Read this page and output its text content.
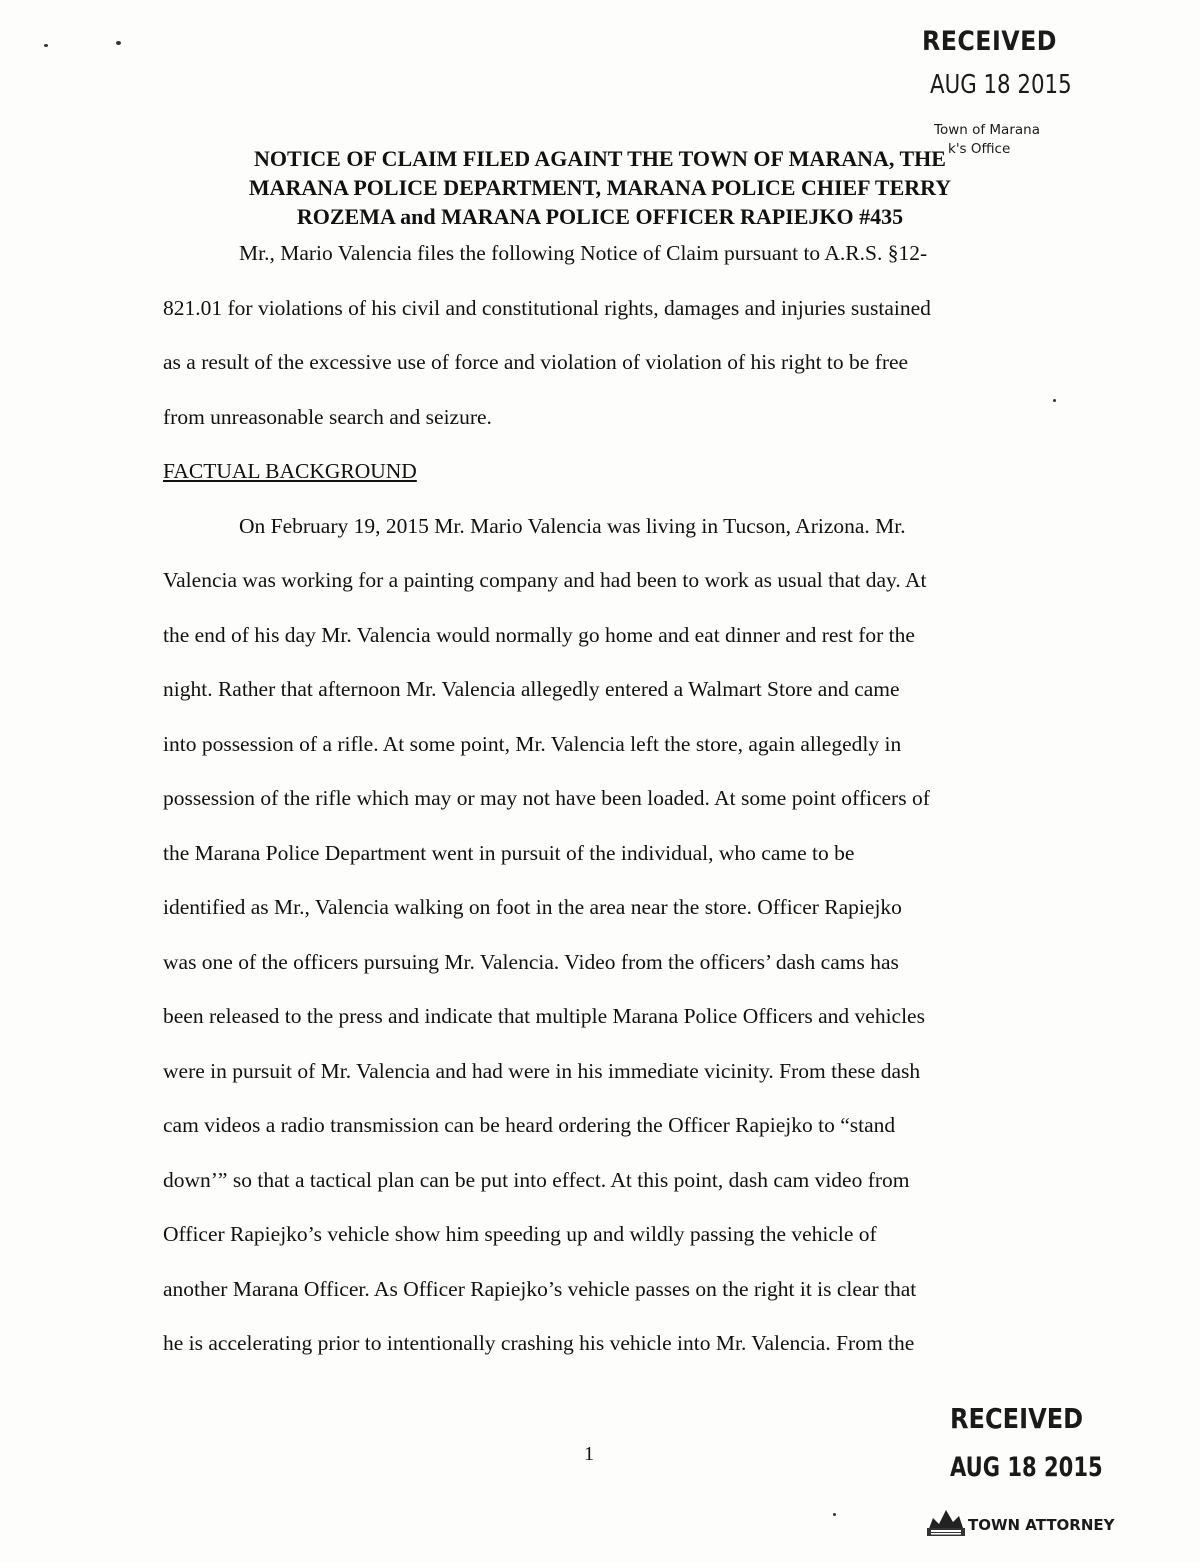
RECEIVED
AUG 18 2015
Town of Marana
k's Office
NOTICE OF CLAIM FILED AGAINT THE TOWN OF MARANA, THE
MARANA POLICE DEPARTMENT, MARANA POLICE CHIEF TERRY
ROZEMA and MARANA POLICE OFFICER RAPIEJKO #435
Mr., Mario Valencia files the following Notice of Claim pursuant to A.R.S. §12-
821.01 for violations of his civil and constitutional rights, damages and injuries sustained
as a result of the excessive use of force and violation of violation of his right to be free
from unreasonable search and seizure.
FACTUAL BACKGROUND
On February 19, 2015 Mr. Mario Valencia was living in Tucson, Arizona. Mr.
Valencia was working for a painting company and had been to work as usual that day. At
the end of his day Mr. Valencia would normally go home and eat dinner and rest for the
night. Rather that afternoon Mr. Valencia allegedly entered a Walmart Store and came
into possession of a rifle. At some point, Mr. Valencia left the store, again allegedly in
possession of the rifle which may or may not have been loaded. At some point officers of
the Marana Police Department went in pursuit of the individual, who came to be
identified as Mr., Valencia walking on foot in the area near the store. Officer Rapiejko
was one of the officers pursuing Mr. Valencia. Video from the officers’ dash cams has
been released to the press and indicate that multiple Marana Police Officers and vehicles
were in pursuit of Mr. Valencia and had were in his immediate vicinity. From these dash
cam videos a radio transmission can be heard ordering the Officer Rapiejko to “stand
down’” so that a tactical plan can be put into effect. At this point, dash cam video from
Officer Rapiejko’s vehicle show him speeding up and wildly passing the vehicle of
another Marana Officer. As Officer Rapiejko’s vehicle passes on the right it is clear that
he is accelerating prior to intentionally crashing his vehicle into Mr. Valencia. From the
1
RECEIVED
AUG 18 2015
TOWN ATTORNEY
